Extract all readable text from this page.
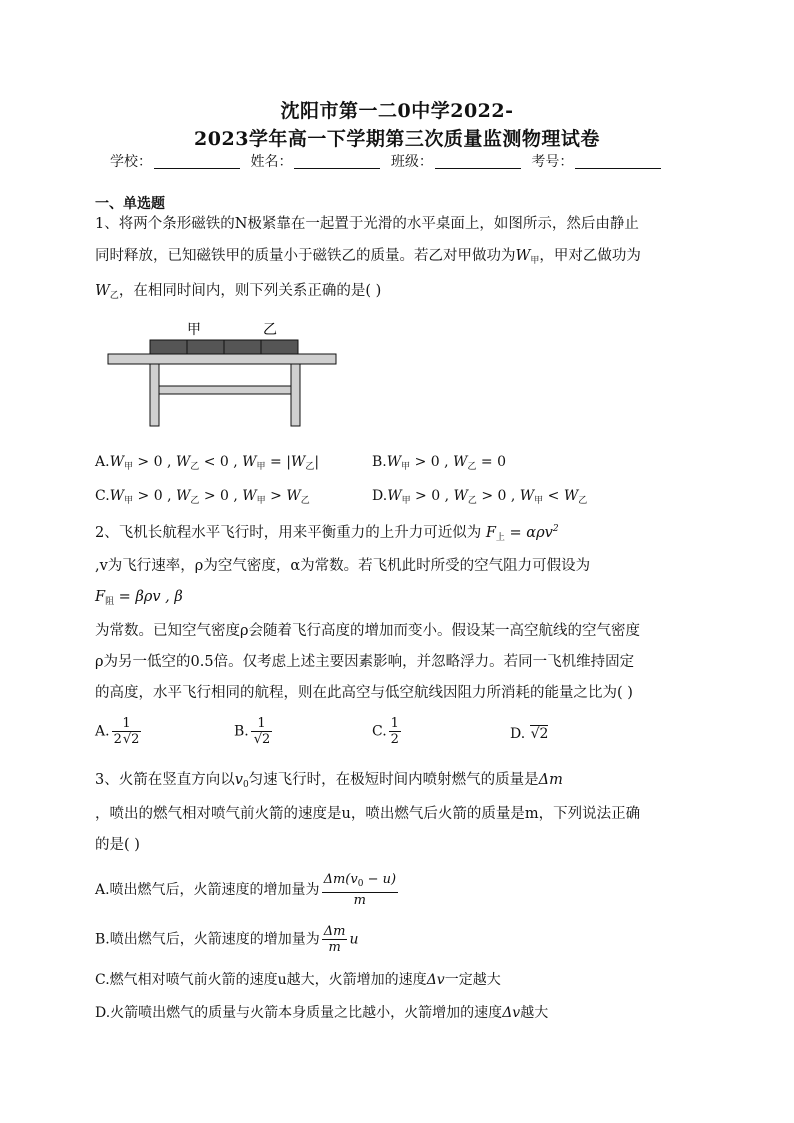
沈阳市第一二0中学2022-
2023学年高一下学期第三次质量监测物理试卷
学校：	姓名：	班级：	考号：
一、单选题
1、将两个条形磁铁的N极紧靠在一起置于光滑的水平桌面上，如图所示，然后由静止
同时释放，已知磁铁甲的质量小于磁铁乙的质量。若乙对甲做功为$W_甲$，甲对乙做功为
$W_乙$，在相同时间内，则下列关系正确的是( )
甲	乙
$A.W_甲 > 0$ , $W_乙 < 0$ , $W_甲 = |W_乙|$	$B.W_甲 > 0$ , $W_乙 = 0$
$C.W_甲 > 0$ , $W_乙 > 0$ , $W_甲 > W_乙$	$D.W_甲 > 0$ , $W_乙 > 0$ , $W_甲 < W_乙$
2、飞机长航程水平飞行时，用来平衡重力的上升力可近似为 $F_上 = \alpha\rho v^2$
,v为飞行速率，ρ为空气密度，α为常数。若飞机此时所受的空气阻力可假设为
$F_阻 = \beta\rho v$ , β
为常数。已知空气密度ρ会随着飞行高度的增加而变小。假设某一高空航线的空气密度
ρ为另一低空的0.5倍。仅考虑上述主要因素影响，并忽略浮力。若同一飞机维持固定
的高度，水平飞行相同的航程，则在此高空与低空航线因阻力所消耗的能量之比为( )
A. $\frac{1}{2√2}$	B. $\frac{1}{√2}$	C. $\frac{1}{2}$	D. √2
3、火箭在竖直方向以$v_0$匀速飞行时，在极短时间内喷射燃气的质量是Δm
，喷出的燃气相对喷气前火箭的速度是u，喷出燃气后火箭的质量是m，下列说法正确
的是( )
A.喷出燃气后，火箭速度的增加量为 $\frac{\Delta m(v_0 - u)}{m}$
B.喷出燃气后，火箭速度的增加量为 $\frac{\Delta m}{m}$ u
C.燃气相对喷气前火箭的速度u越大，火箭增加的速度Δv一定越大
D.火箭喷出燃气的质量与火箭本身质量之比越小，火箭增加的速度Δv越大
